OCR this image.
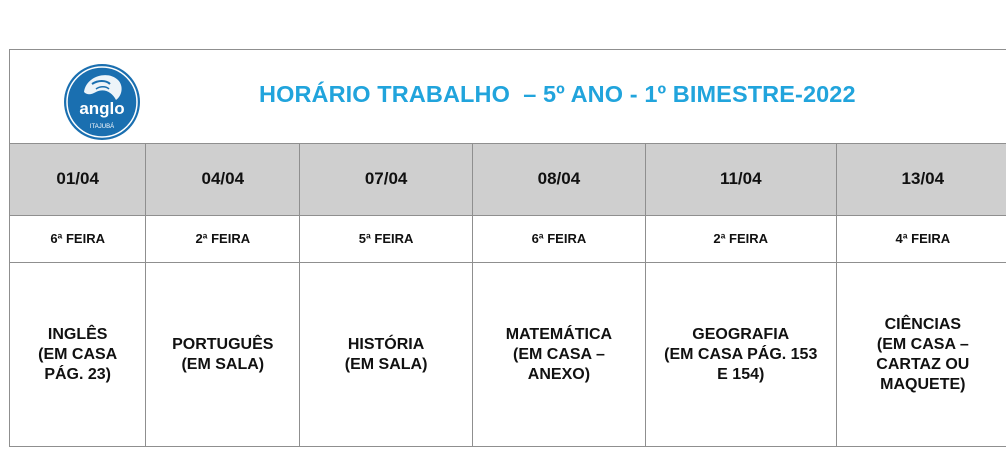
anglo
ITAJUBÁ
HORÁRIO TRABALHO  – 5º ANO - 1º BIMESTRE-2022
01/04	04/04	07/04	08/04	11/04	13/04
6ª FEIRA	2ª FEIRA	5ª FEIRA	6ª FEIRA	2ª FEIRA	4ª FEIRA

INGLÊS
(EM CASA
PÁG. 23)	PORTUGUÊS
(EM SALA)	HISTÓRIA
(EM SALA)	MATEMÁTICA
(EM CASA –
ANEXO)	GEOGRAFIA
(EM CASA PÁG. 153
E 154)	CIÊNCIAS
(EM CASA –
CARTAZ OU
MAQUETE)
